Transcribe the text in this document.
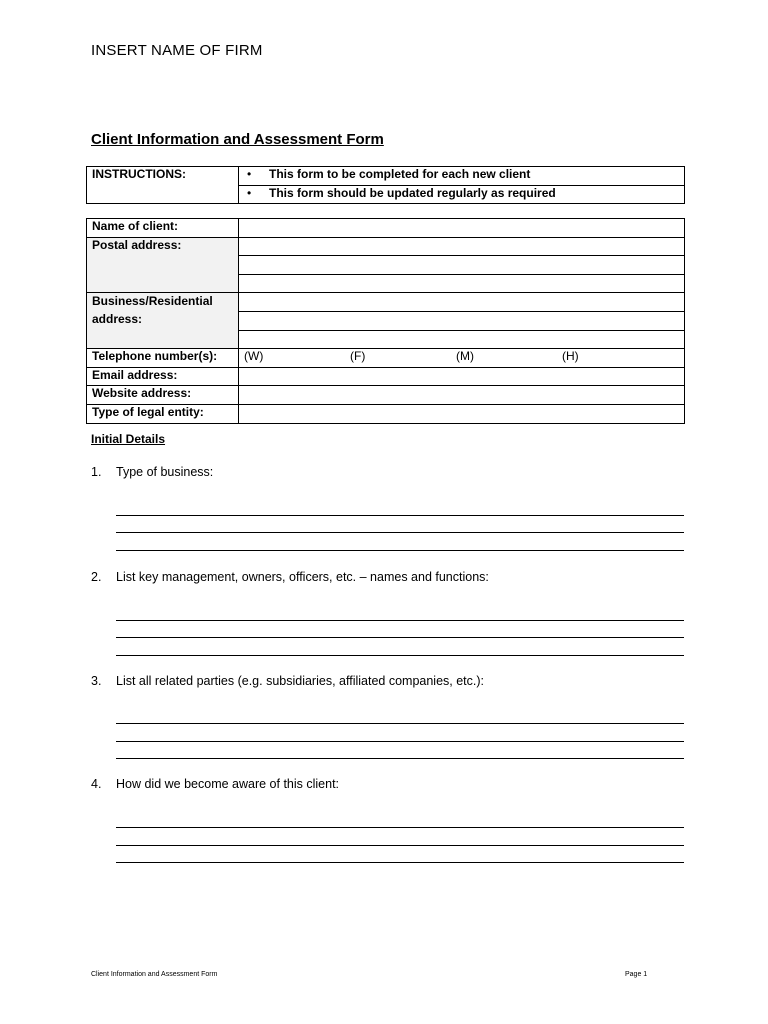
INSERT NAME OF FIRM
Client Information and Assessment Form
INSTRUCTIONS:	• This form to be completed for each new client
• This form should be updated regularly as required
Name of client:	
Postal address:	

Business/Residential
address:	

Telephone number(s):	(W) (F) (M) (H)

Email address:	
Website address:	
Type of legal entity:	
Initial Details
1. Type of business:
2. List key management, owners, officers, etc. – names and functions:
3. List all related parties (e.g. subsidiaries, affiliated companies, etc.):
4. How did we become aware of this client:
Client Information and Assessment Form	Page 1
